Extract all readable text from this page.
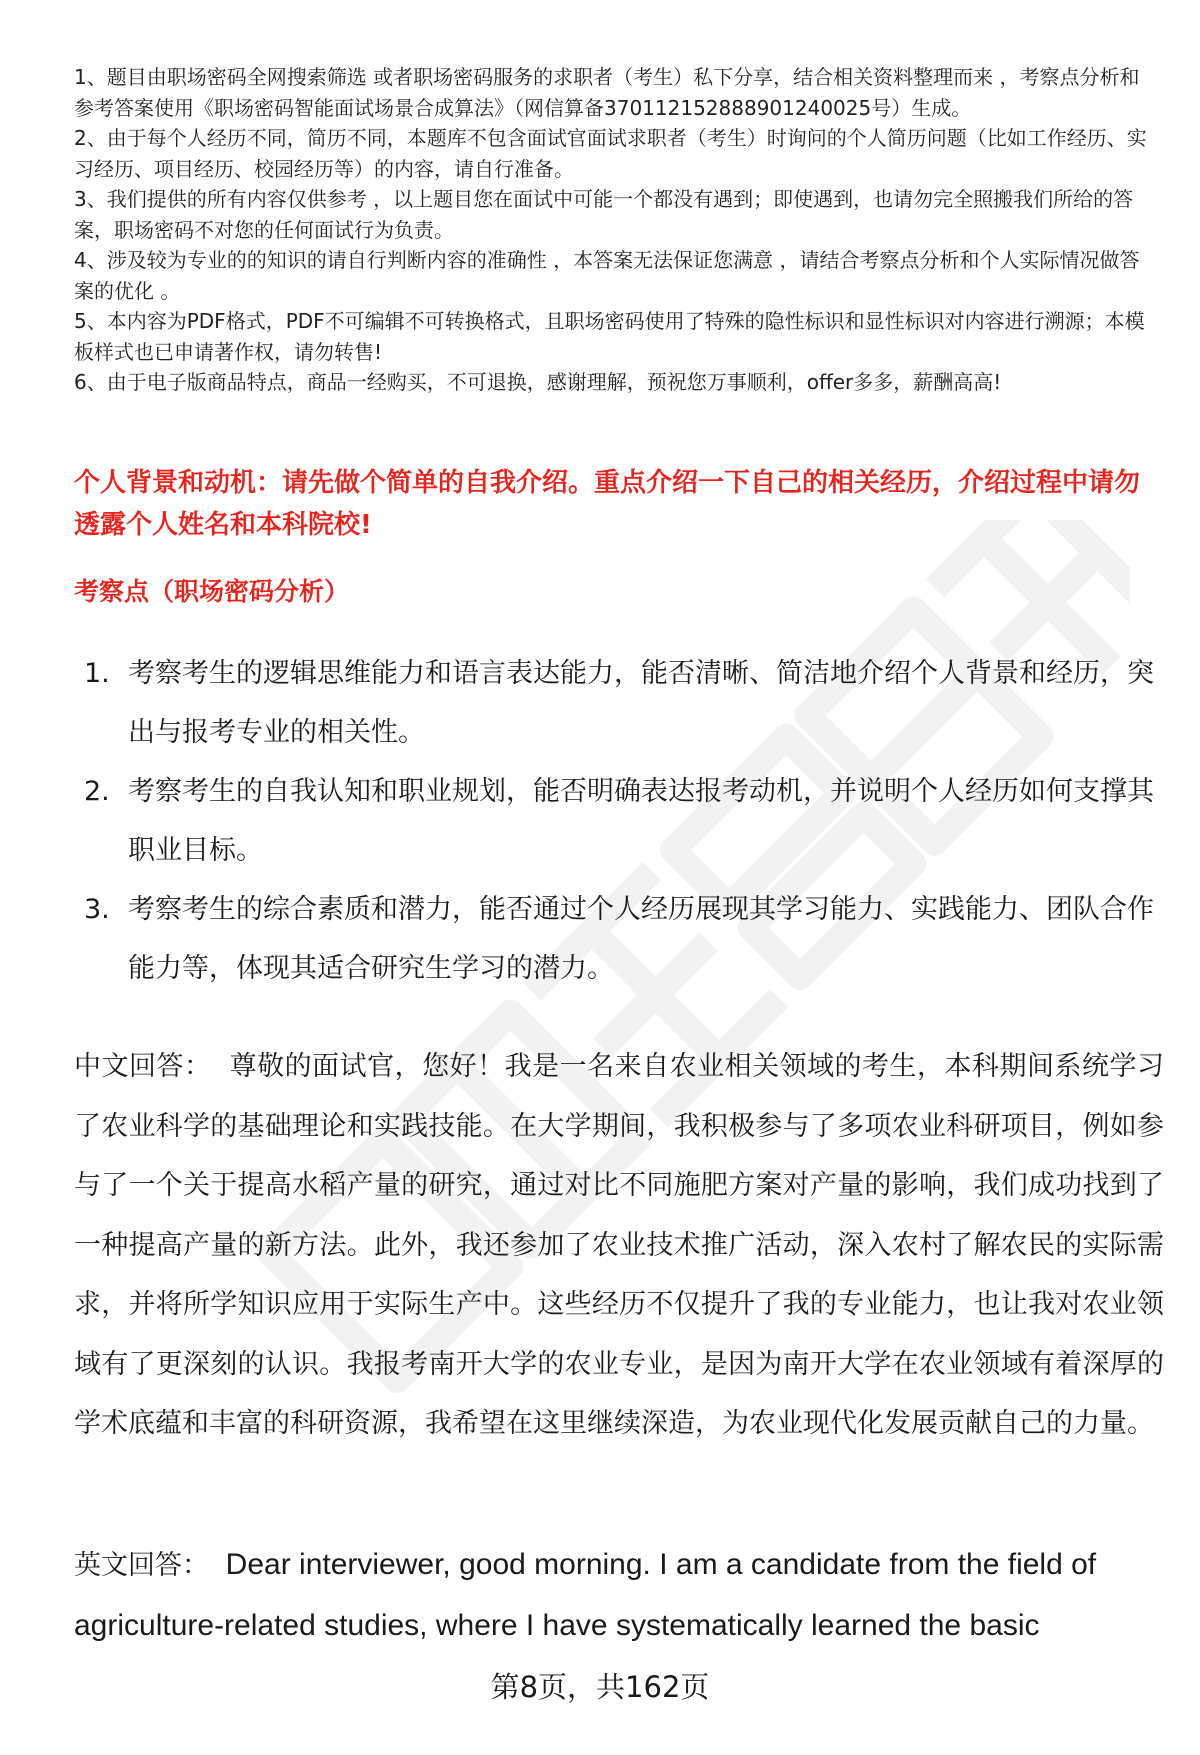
1、题目由职场密码全网搜索筛选 或者职场密码服务的求职者（考生）私下分享，结合相关资料整理而来 ，考察点分析和参考答案使用《职场密码智能面试场景合成算法》（网信算备370112152888901240025号）生成。
2、由于每个人经历不同，简历不同，本题库不包含面试官面试求职者（考生）时询问的个人简历问题（比如工作经历、实习经历、项目经历、校园经历等）的内容，请自行准备。
3、我们提供的所有内容仅供参考 ，以上题目您在面试中可能一个都没有遇到；即使遇到，也请勿完全照搬我们所给的答案，职场密码不对您的任何面试行为负责。
4、涉及较为专业的的知识的请自行判断内容的准确性 ，本答案无法保证您满意 ，请结合考察点分析和个人实际情况做答案的优化 。
5、本内容为PDF格式，PDF不可编辑不可转换格式，且职场密码使用了特殊的隐性标识和显性标识对内容进行溯源；本模板样式也已申请著作权，请勿转售!
6、由于电子版商品特点，商品一经购买，不可退换，感谢理解，预祝您万事顺利，offer多多，薪酬高高!

个人背景和动机：请先做个简单的自我介绍。重点介绍一下自己的相关经历，介绍过程中请勿透露个人姓名和本科院校!

考察点（职场密码分析）

1. 考察考生的逻辑思维能力和语言表达能力，能否清晰、简洁地介绍个人背景和经历，突出与报考专业的相关性。
2. 考察考生的自我认知和职业规划，能否明确表达报考动机，并说明个人经历如何支撑其职业目标。
3. 考察考生的综合素质和潜力，能否通过个人经历展现其学习能力、实践能力、团队合作能力等，体现其适合研究生学习的潜力。

中文回答： 尊敬的面试官，您好！我是一名来自农业相关领域的考生，本科期间系统学习了农业科学的基础理论和实践技能。在大学期间，我积极参与了多项农业科研项目，例如参与了一个关于提高水稻产量的研究，通过对比不同施肥方案对产量的影响，我们成功找到了一种提高产量的新方法。此外，我还参加了农业技术推广活动，深入农村了解农民的实际需求，并将所学知识应用于实际生产中。这些经历不仅提升了我的专业能力，也让我对农业领域有了更深刻的认识。我报考南开大学的农业专业，是因为南开大学在农业领域有着深厚的学术底蕴和丰富的科研资源，我希望在这里继续深造，为农业现代化发展贡献自己的力量。

英文回答： Dear interviewer, good morning. I am a candidate from the field of agriculture-related studies, where I have systematically learned the basic

第8页，共162页
